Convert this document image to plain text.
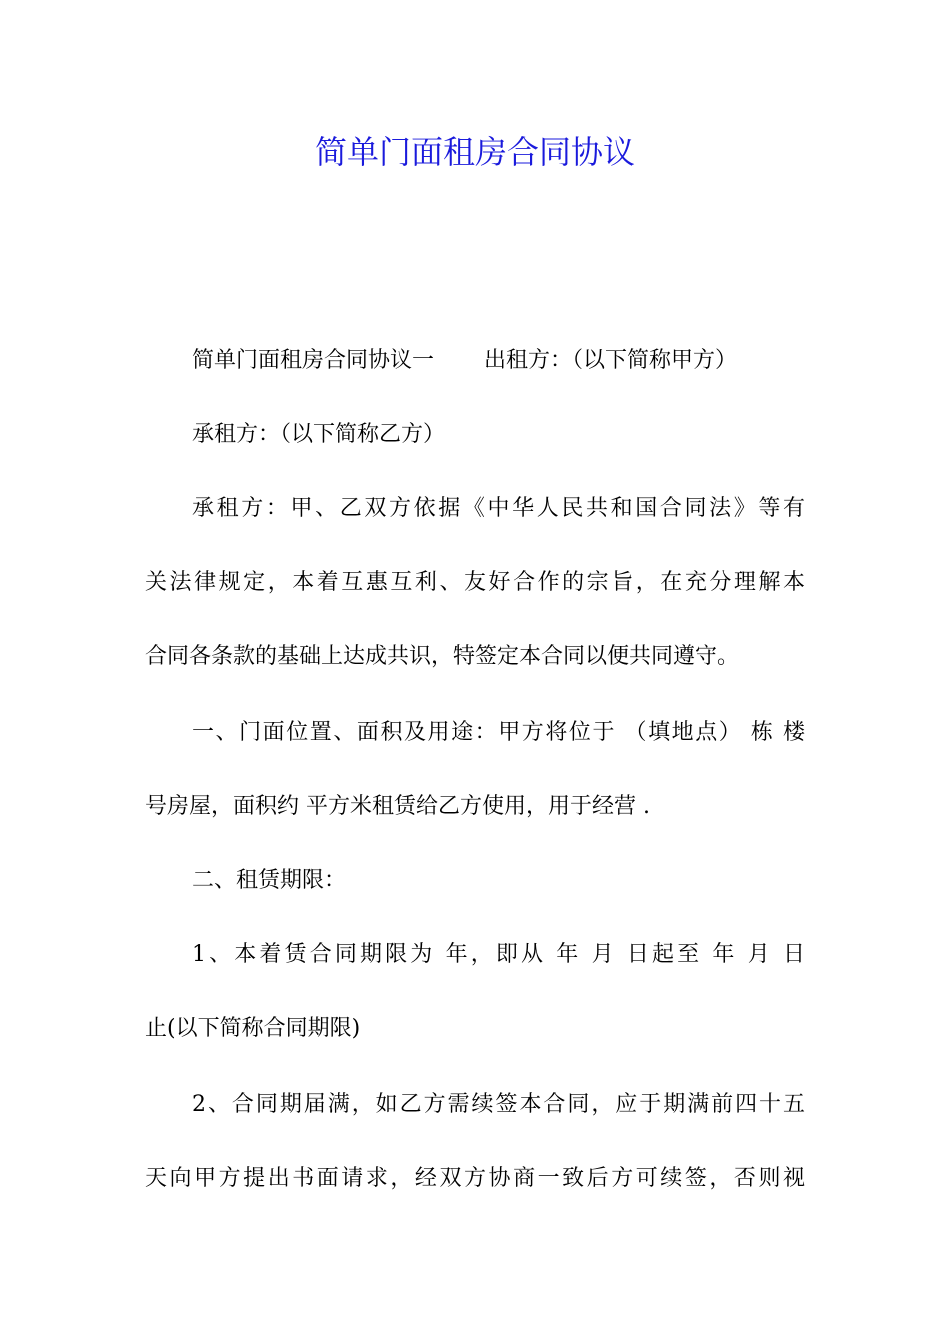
简单门面租房合同协议

简单门面租房合同协议一 出租方：（以下简称甲方）

承租方：（以下简称乙方）

承租方：甲、乙双方依据《中华人民共和国合同法》等有

关法律规定，本着互惠互利、友好合作的宗旨，在充分理解本

合同各条款的基础上达成共识，特签定本合同以便共同遵守。

一、门面位置、面积及用途：甲方将位于 （填地点） 栋 楼

号房屋，面积约 平方米租赁给乙方使用，用于经营 .

二、租赁期限：

1、本着赁合同期限为 年，即从 年 月 日起至 年 月 日

止(以下简称合同期限)

2、合同期届满，如乙方需续签本合同，应于期满前四十五

天向甲方提出书面请求，经双方协商一致后方可续签，否则视
